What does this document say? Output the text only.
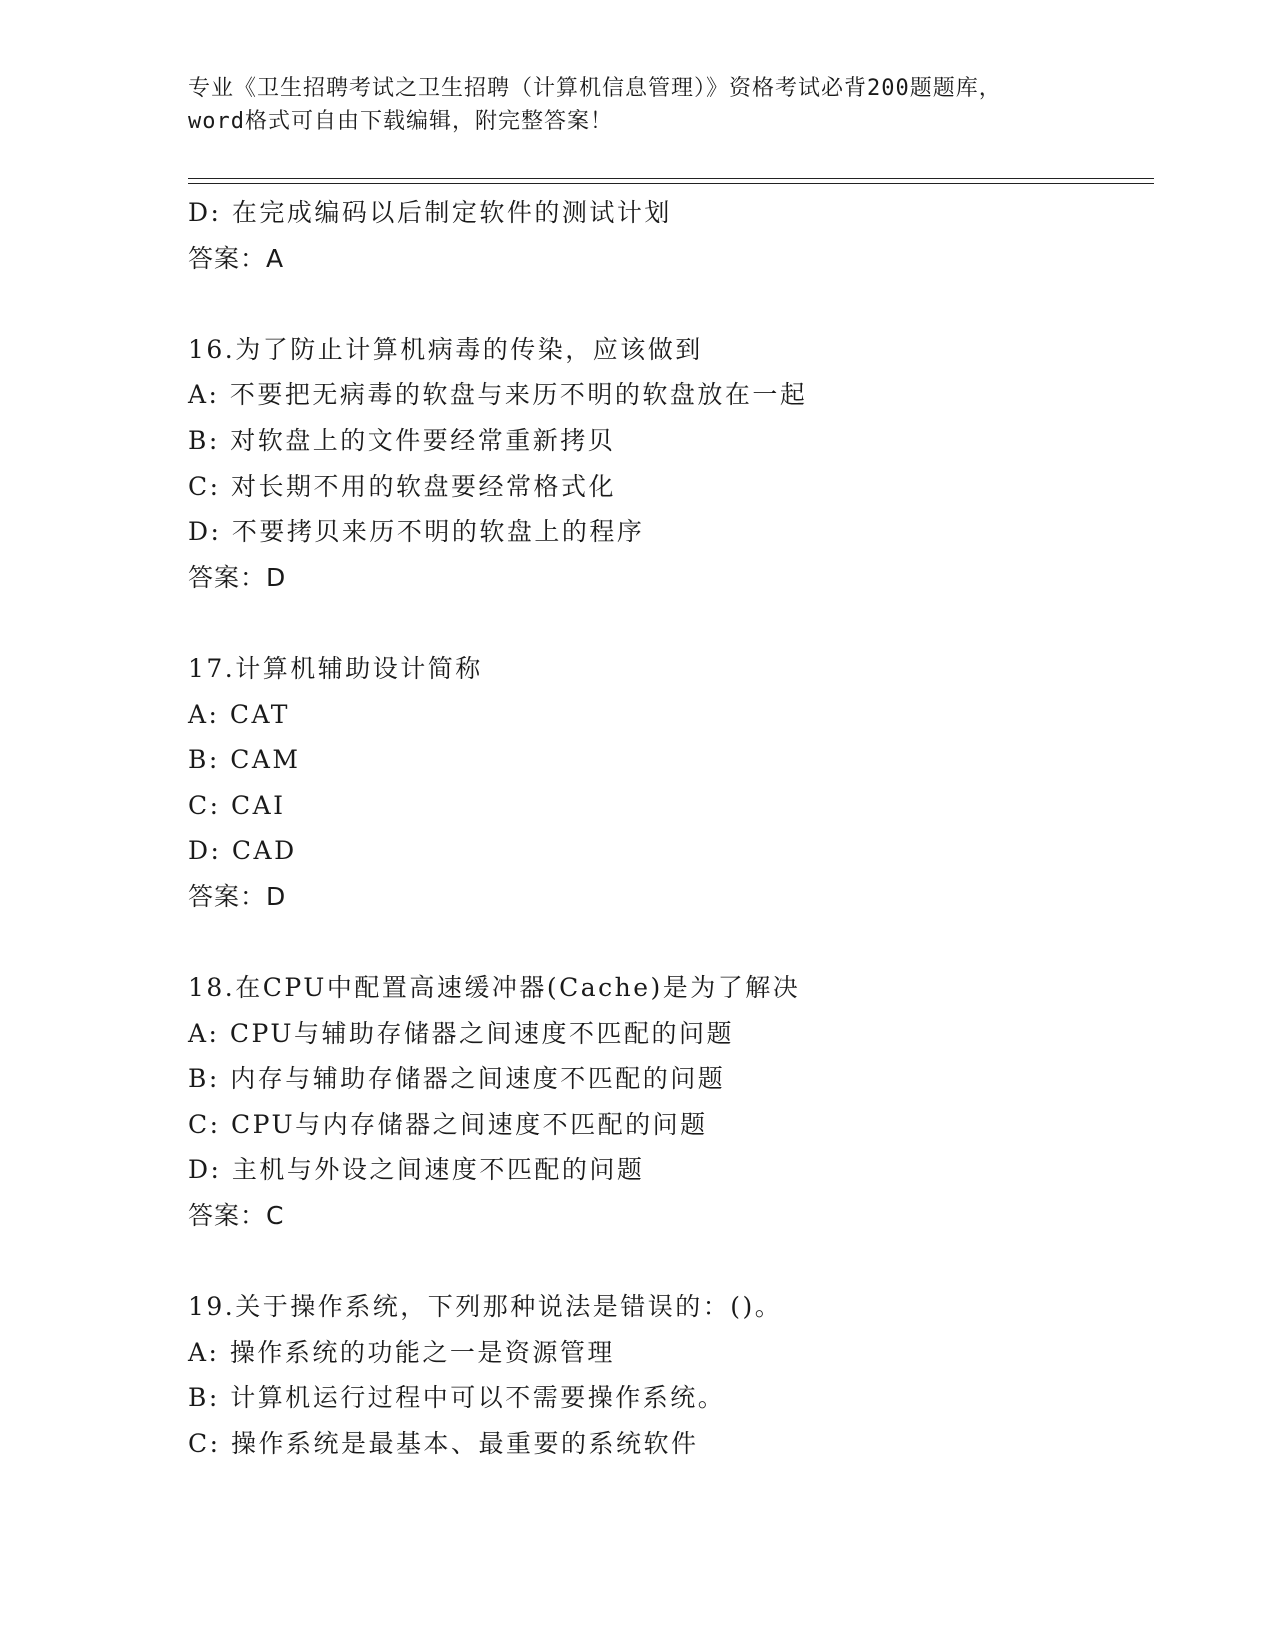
专业《卫生招聘考试之卫生招聘（计算机信息管理）》资格考试必背200题题库，
word格式可自由下载编辑，附完整答案！
D: 在完成编码以后制定软件的测试计划
答案：A
16.为了防止计算机病毒的传染，应该做到
A: 不要把无病毒的软盘与来历不明的软盘放在一起
B: 对软盘上的文件要经常重新拷贝
C: 对长期不用的软盘要经常格式化
D: 不要拷贝来历不明的软盘上的程序
答案：D
17.计算机辅助设计简称
A: CAT
B: CAM
C: CAI
D: CAD
答案：D
18.在CPU中配置高速缓冲器(Cache)是为了解决
A: CPU与辅助存储器之间速度不匹配的问题
B: 内存与辅助存储器之间速度不匹配的问题
C: CPU与内存储器之间速度不匹配的问题
D: 主机与外设之间速度不匹配的问题
答案：C
19.关于操作系统，下列那种说法是错误的：()。
A: 操作系统的功能之一是资源管理
B: 计算机运行过程中可以不需要操作系统。
C: 操作系统是最基本、最重要的系统软件
